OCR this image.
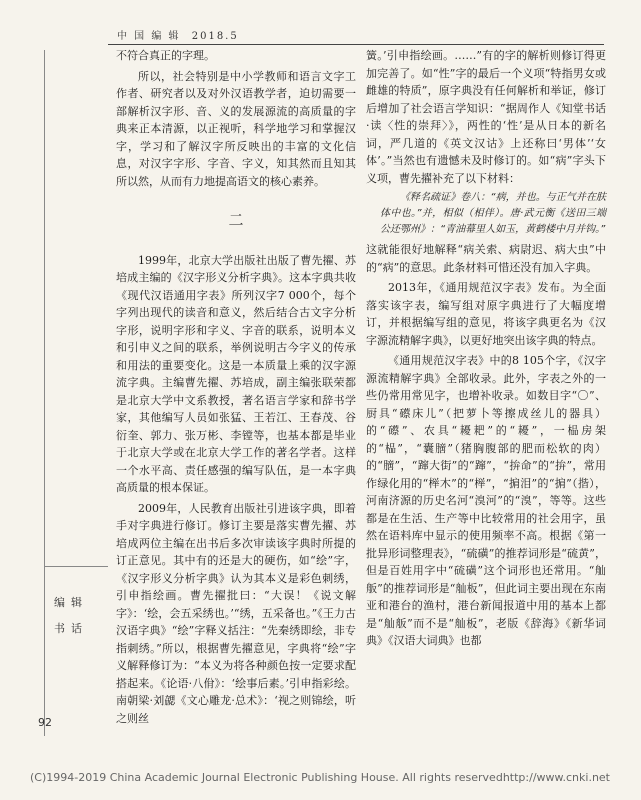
中 国 编 辑 2018.5
编辑
书话
92

不符合真正的字理。

所以，社会特别是中小学教师和语言文字工作者、研究者以及对外汉语教学者，迫切需要一部解析汉字形、音、义的发展源流的高质量的字典来正本清源，以正视听，科学地学习和掌握汉字，学习和了解汉字所反映出的丰富的文化信息，对汉字字形、字音、字义，知其然而且知其所以然，从而有力地提高语文的核心素养。

二

1999年，北京大学出版社出版了曹先擢、苏培成主编的《汉字形义分析字典》。这本字典共收《现代汉语通用字表》所列汉字7 000个，每个字列出现代的读音和意义，然后结合古文字分析字形，说明字形和字义、字音的联系，说明本义和引申义之间的联系，举例说明古今字义的传承和用法的重要变化。这是一本质量上乘的汉字源流字典。主编曹先擢、苏培成，副主编张联荣都是北京大学中文系教授，著名语言学家和辞书学家，其他编写人员如张猛、王若江、王春茂、谷衍奎、郭力、张万彬、李镗等，也基本都是毕业于北京大学或在北京大学工作的著名学者。这样一个水平高、责任感强的编写队伍，是一本字典高质量的根本保证。

2009年，人民教育出版社引进该字典，即着手对字典进行修订。修订主要是落实曹先擢、苏培成两位主编在出书后多次审读该字典时所提的订正意见。其中有的还是大的硬伤，如“绘”字，《汉字形义分析字典》认为其本义是彩色刺绣，引申指绘画。曹先擢批曰：“大误！《说文解字》：‘绘，会五采绣也。’“绣，五采备也。”《王力古汉语字典》“绘”字释义括注：“先秦绣即绘，非专指刺绣。”所以，根据曹先擢意见，字典将“绘”字义解释修订为：“本义为将各种颜色按一定要求配搭起来。《论语·八佾》：‘绘事后素。’引申指彩绘。南朝梁·刘勰《文心雕龙·总术》：‘视之则锦绘，听之则丝

簧。’引申指绘画。……”有的字的解析则修订得更加完善了。如“性”字的最后一个义项“特指男女或雌雄的特质”，原字典没有任何解析和举证，修订后增加了社会语言学知识：“据周作人《知堂书话·读〈性的崇拜〉》，两性的‘性’是从日本的新名词，严几道的《英文汉诂》上还称曰‘男体’‘女体’。”当然也有遗憾未及时修订的。如“病”字头下义项，曹先擢补充了以下材料：

《释名疏证》卷八：“病，并也。与正气并在肤体中也。”并，相似（相伴）。唐·武元衡《送田三端公还鄂州》：“青油幕里人如玉，黄鹤楼中月并钩。”

这就能很好地解释“病关索、病尉迟、病大虫”中的“病”的意思。此条材料可惜还没有加入字典。

2013年，《通用规范汉字表》发布。为全面落实该字表，编写组对原字典进行了大幅度增订，并根据编写组的意见，将该字典更名为《汉字源流精解字典》，以更好地突出该字典的特点。

《通用规范汉字表》中的8 105个字，《汉字源流精解字典》全部收录。此外，字表之外的一些仍常用常见字，也增补收录。如数目字“〇”、厨具“礤床儿”（把萝卜等擦成丝儿的器具）的“礤”、农具“耰耙”的“耰”，一榀房架的“榀”，“囊膪”（猪胸腹部的肥而松软的肉）的“膪”，“蹿大街”的“蹿”，“拚命”的“拚”，常用作绿化用的“榉木”的“榉”，“掮泪”的“掮”（揩），河南济源的历史名河“溴河”的“溴”，等等。这些都是在生活、生产等中比较常用的社会用字，虽然在语料库中显示的使用频率不高。根据《第一批异形词整理表》，“硫磺”的推荐词形是“硫黄”，但是百姓用字中“硫磺”这个词形也还常用。“舢舨”的推荐词形是“舢板”，但此词主要出现在东南亚和港台的渔村，港台新闻报道中用的基本上都是“舢舨”而不是“舢板”，老版《辞海》《新华词典》《汉语大词典》也都

(C)1994-2019 China Academic Journal Electronic Publishing House. All rights reserved.
http://www.cnki.net
